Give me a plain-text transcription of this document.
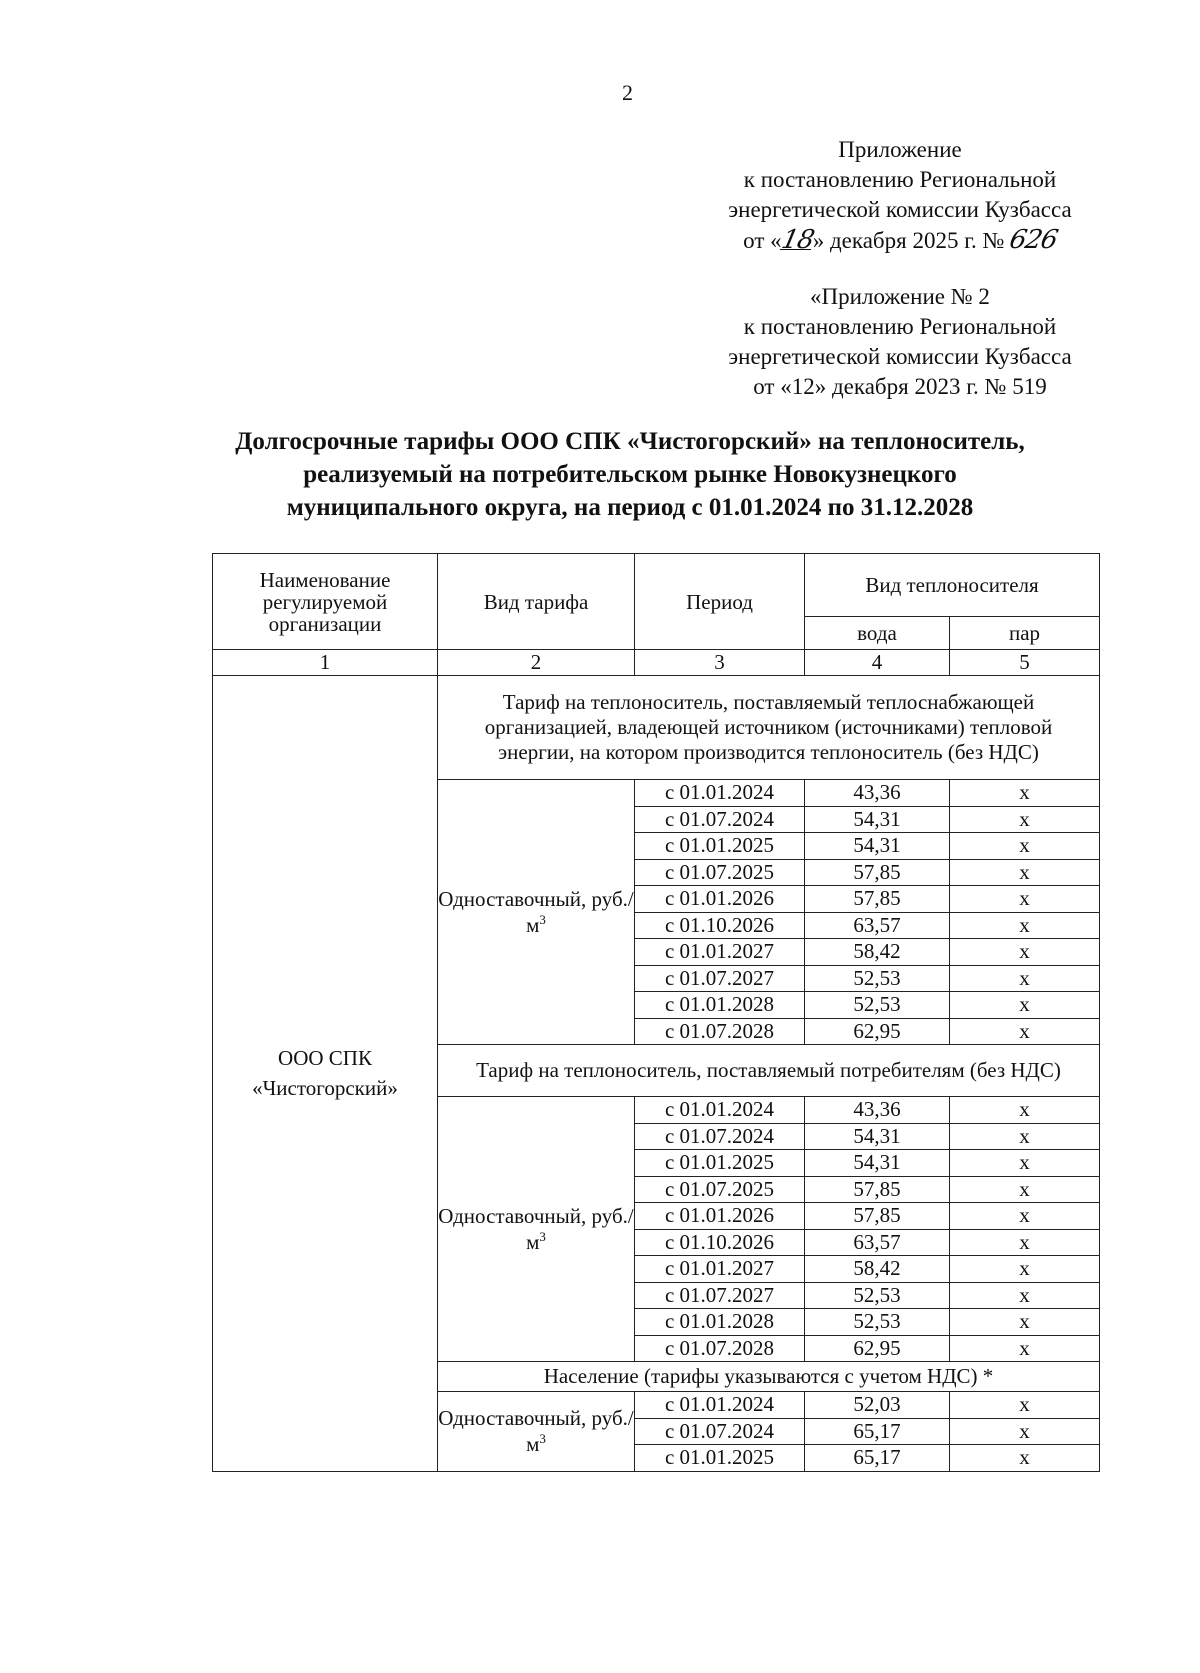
2
Приложение
к постановлению Региональной
энергетической комиссии Кузбасса
от «18» декабря 2025 г. № 626
«Приложение № 2
к постановлению Региональной
энергетической комиссии Кузбасса
от «12» декабря 2023 г. № 519
Долгосрочные тарифы ООО СПК «Чистогорский» на теплоноситель,
реализуемый на потребительском рынке Новокузнецкого
муниципального округа, на период с 01.01.2024 по 31.12.2028
Наименование регулируемой организации	Вид тарифа	Период	Вид теплоносителя	
			вода	пар
1	2	3	4	5
ООО СПК «Чистогорский»	Тариф на теплоноситель, поставляемый теплоснабжающей организацией, владеющей источником (источниками) тепловой энергии, на котором производится теплоноситель (без НДС)			
	Одноставочный, $руб./м^3$	с 01.01.2024	43,36	x
		с 01.07.2024	54,31	x
		с 01.01.2025	54,31	x
		с 01.07.2025	57,85	x
		с 01.01.2026	57,85	x
		с 01.10.2026	63,57	x
		с 01.01.2027	58,42	x
		с 01.07.2027	52,53	x
		с 01.01.2028	52,53	x
		с 01.07.2028	62,95	x
	Тариф на теплоноситель, поставляемый потребителям (без НДС)			
	Одноставочный, $руб./м^3$	с 01.01.2024	43,36	x
		с 01.07.2024	54,31	x
		с 01.01.2025	54,31	x
		с 01.07.2025	57,85	x
		с 01.01.2026	57,85	x
		с 01.10.2026	63,57	x
		с 01.01.2027	58,42	x
		с 01.07.2027	52,53	x
		с 01.01.2028	52,53	x
		с 01.07.2028	62,95	x
	Население (тарифы указываются с учетом НДС) *			
	Одноставочный, $руб./м^3$	с 01.01.2024	52,03	x
		с 01.07.2024	65,17	x
		с 01.01.2025	65,17	x
